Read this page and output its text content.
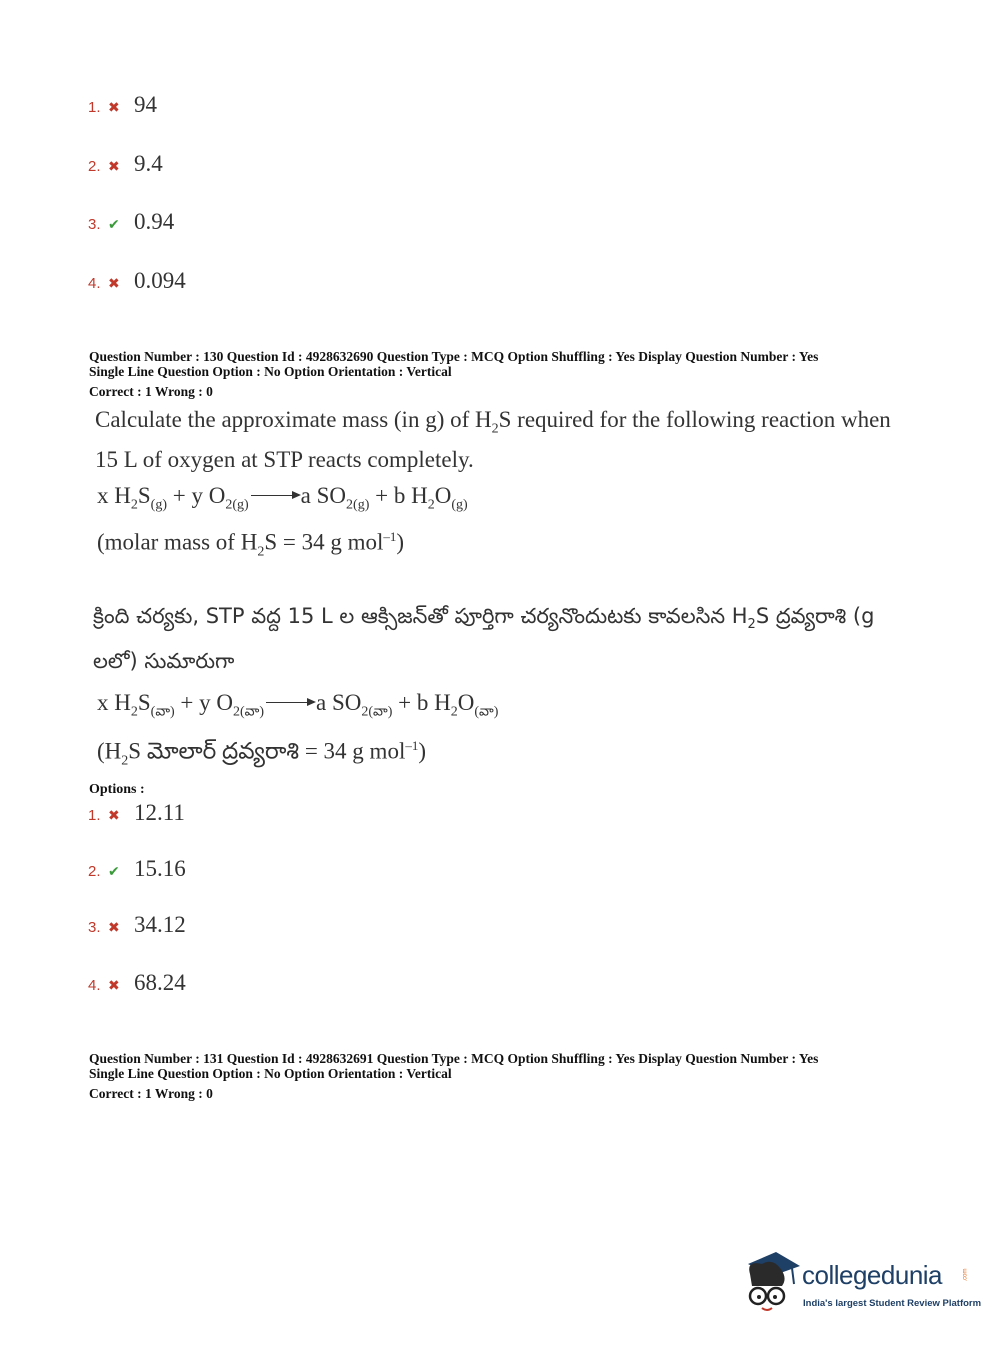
1. ✖ 94
2. ✖ 9.4
3. ✔ 0.94
4. ✖ 0.094
Question Number : 130 Question Id : 4928632690 Question Type : MCQ Option Shuffling : Yes Display Question Number : Yes
Single Line Question Option : No Option Orientation : Vertical
Correct : 1 Wrong : 0
Calculate the approximate mass (in g) of $H_2S$ required for the following reaction when 15 L of oxygen at STP reacts completely.
x $H_2S_{(g)} + y$ $O_{2(g)}$ a $SO_{2(g)} + b$ $H_2O_{(g)}$
(molar mass of $H_2S = 34$ g mol$^{-1}$)
క్రింది చర్యకు, STP వద్ద 15 L ల ఆక్సిజన్‌తో పూర్తిగా చర్యనొందుటకు కావలసిన $H_2S$ ద్రవ్యరాశి (g లలో) సుమారుగా
x $H_2S_{(వా)} + y$ $O_{2(వా)}$ a $SO_{2(వా)} + b$ $H_2O_{(వా)}$
($H_2S$ మోలార్ ద్రవ్యరాశి = 34 g mol$^{-1}$)
Options :
1. ✖ 12.11
2. ✔ 15.16
3. ✖ 34.12
4. ✖ 68.24
Question Number : 131 Question Id : 4928632691 Question Type : MCQ Option Shuffling : Yes Display Question Number : Yes
Single Line Question Option : No Option Orientation : Vertical
Correct : 1 Wrong : 0
collegedunia	.com
India's largest Student Review Platform
